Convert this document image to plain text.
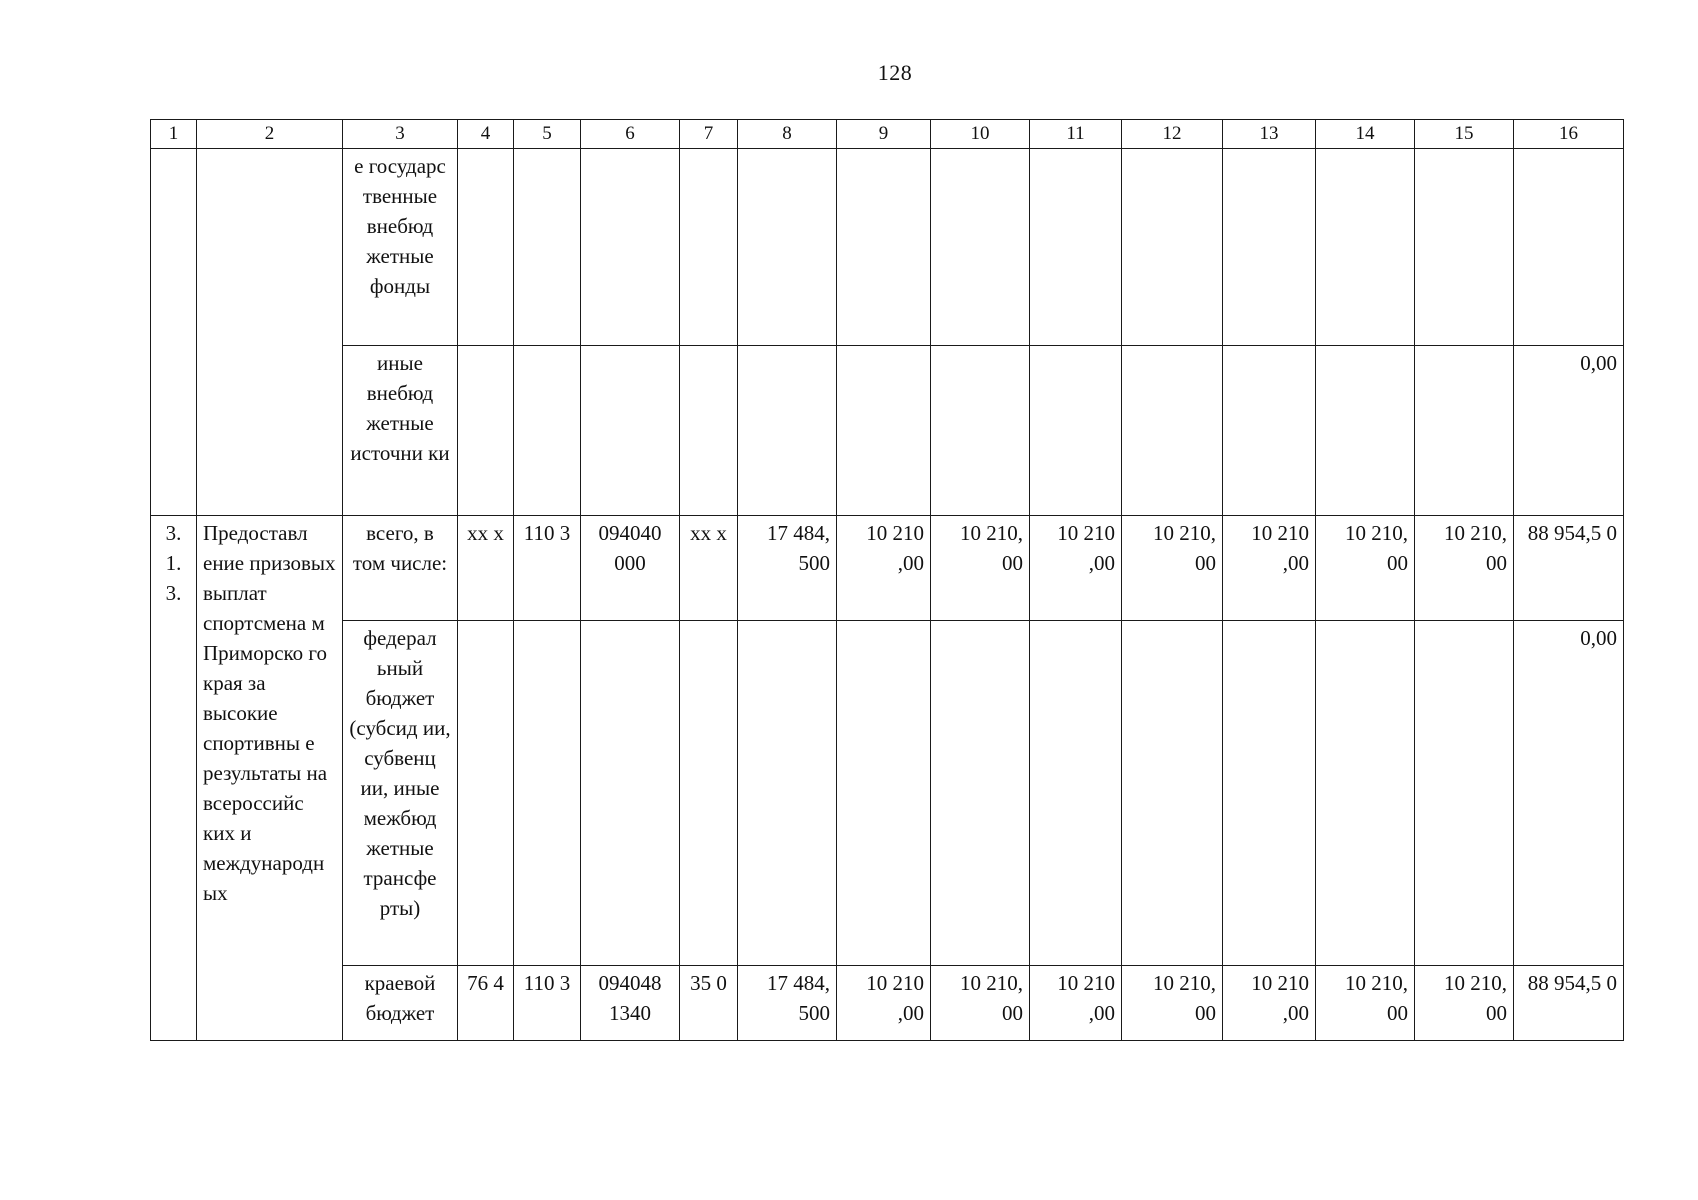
128
1	2	3	4	5	6	7	8	9	10	11	12	13	14	15	16
		е государс твенные внебюд жетные фонды													
		иные внебюд жетные источни ки													0,00
3. 1. 3.	Предоставл ение призовых выплат спортсмена м Приморско го края за высокие спортивны е результаты на всероссийс ких и международных	всего, в том числе:	хх х	110 3	094040 000	хх х	17 484, 500	10 210 ,00	10 210, 00	10 210 ,00	10 210, 00	10 210 ,00	10 210, 00	10 210, 00	88 954,5 0
		федерал ьный бюджет (субсид ии, субвенц ии, иные межбюд жетные трансфе рты)													0,00
		краевой бюджет	76 4	110 3	094048 1340	35 0	17 484, 500	10 210 ,00	10 210, 00	10 210 ,00	10 210, 00	10 210 ,00	10 210, 00	10 210, 00	88 954,5 0
